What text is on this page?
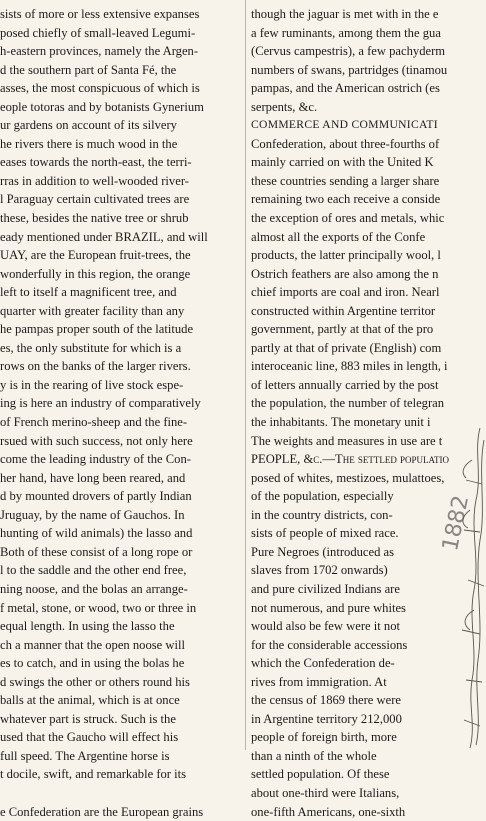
sists of more or less extensive expanses
posed chiefly of small-leaved Legumi-
h-eastern provinces, namely the Argen-
d the southern part of Santa Fé, the
asses, the most conspicuous of which is
eople totoras and by botanists Gynerium
ur gardens on account of its silvery
he rivers there is much wood in the
eases towards the north-east, the terri-
rras in addition to well-wooded river-
l Paraguay certain cultivated trees are
these, besides the native tree or shrub
eady mentioned under BRAZIL, and will
UAY, are the European fruit-trees, the
wonderfully in this region, the orange
left to itself a magnificent tree, and
quarter with greater facility than any
he pampas proper south of the latitude
es, the only substitute for which is a
rows on the banks of the larger rivers.
y is in the rearing of live stock espe-
ing is here an industry of comparatively
of French merino-sheep and the fine-
rsued with such success, not only here
come the leading industry of the Con-
her hand, have long been reared, and
d by mounted drovers of partly Indian
Jruguay, by the name of Gauchos. In
hunting of wild animals) the lasso and
Both of these consist of a long rope or
l to the saddle and the other end free,
ning noose, and the bolas an arrange-
f metal, stone, or wood, two or three in
equal length. In using the lasso the
ch a manner that the open noose will
es to catch, and in using the bolas he
d swings the other or others round his
balls at the animal, which is at once
whatever part is struck. Such is the
used that the Gaucho will effect his
full speed. The Argentine horse is
t docile, swift, and remarkable for its
e Confederation are the European grains
though the jaguar is met with in the e
a few ruminants, among them the gua
(Cervus campestris), a few pachyderm
numbers of swans, partridges (tinamou
pampas, and the American ostrich (es
serpents, &c.
COMMERCE AND COMMUNICATI
Confederation, about three-fourths of
mainly carried on with the United K
these countries sending a larger share
remaining two each receive a conside
the exception of ores and metals, whic
almost all the exports of the Confe
products, the latter principally wool, l
Ostrich feathers are also among the n
chief imports are coal and iron. Nearl
constructed within Argentine territor
government, partly at that of the pro
partly at that of private (English) com
interoceanic line, 883 miles in length, i
of letters annually carried by the post
the population, the number of telegran
the inhabitants. The monetary unit i
The weights and measures in use are t
PEOPLE, &c.—The settled populatio
posed of whites, mestizoes, mulattoes,
of the population, especially
in the country districts, con-
sists of people of mixed race.
Pure Negroes (introduced as
slaves from 1702 onwards)
and pure civilized Indians are
not numerous, and pure whites
would also be few were it not
for the considerable accessions
which the Confederation de-
rives from immigration. At
the census of 1869 there were
in Argentine territory 212,000
people of foreign birth, more
than a ninth of the whole
settled population. Of these
about one-third were Italians,
one-fifth Americans, one-sixth
1882
